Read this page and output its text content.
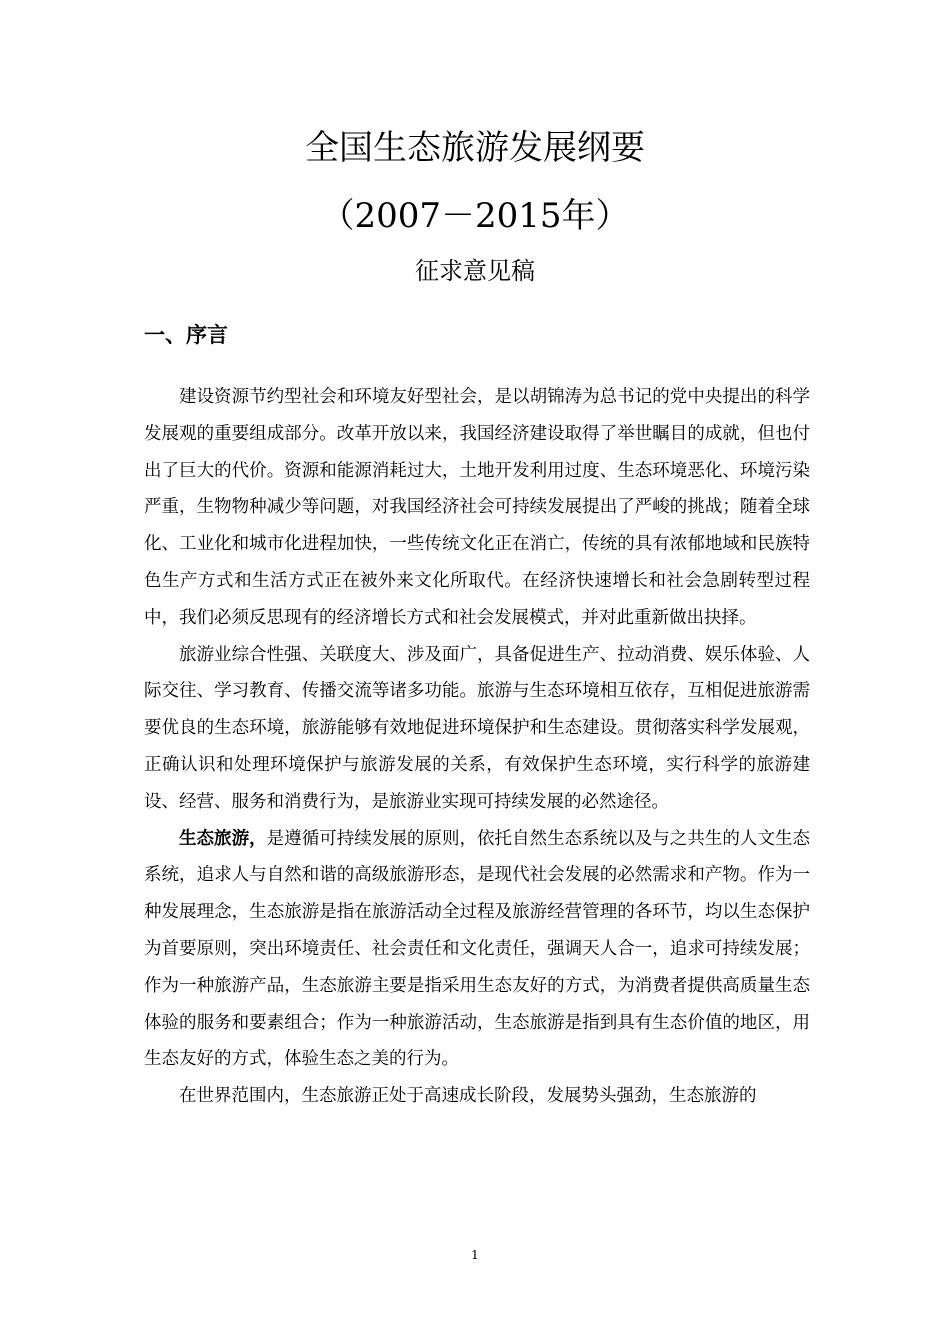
全国生态旅游发展纲要
（2007－2015年）
征求意见稿
一、序言

建设资源节约型社会和环境友好型社会，是以胡锦涛为总书记的党中央提出的科学发展观的重要组成部分。改革开放以来，我国经济建设取得了举世瞩目的成就，但也付出了巨大的代价。资源和能源消耗过大，土地开发利用过度、生态环境恶化、环境污染严重，生物物种减少等问题，对我国经济社会可持续发展提出了严峻的挑战；随着全球化、工业化和城市化进程加快，一些传统文化正在消亡，传统的具有浓郁地域和民族特色生产方式和生活方式正在被外来文化所取代。在经济快速增长和社会急剧转型过程中，我们必须反思现有的经济增长方式和社会发展模式，并对此重新做出抉择。

旅游业综合性强、关联度大、涉及面广，具备促进生产、拉动消费、娱乐体验、人际交往、学习教育、传播交流等诸多功能。旅游与生态环境相互依存，互相促进旅游需要优良的生态环境，旅游能够有效地促进环境保护和生态建设。贯彻落实科学发展观，正确认识和处理环境保护与旅游发展的关系，有效保护生态环境，实行科学的旅游建设、经营、服务和消费行为，是旅游业实现可持续发展的必然途径。

生态旅游，是遵循可持续发展的原则，依托自然生态系统以及与之共生的人文生态系统，追求人与自然和谐的高级旅游形态，是现代社会发展的必然需求和产物。作为一种发展理念，生态旅游是指在旅游活动全过程及旅游经营管理的各环节，均以生态保护为首要原则，突出环境责任、社会责任和文化责任，强调天人合一，追求可持续发展；作为一种旅游产品，生态旅游主要是指采用生态友好的方式，为消费者提供高质量生态体验的服务和要素组合；作为一种旅游活动，生态旅游是指到具有生态价值的地区，用生态友好的方式，体验生态之美的行为。

在世界范围内，生态旅游正处于高速成长阶段，发展势头强劲，生态旅游的

1
